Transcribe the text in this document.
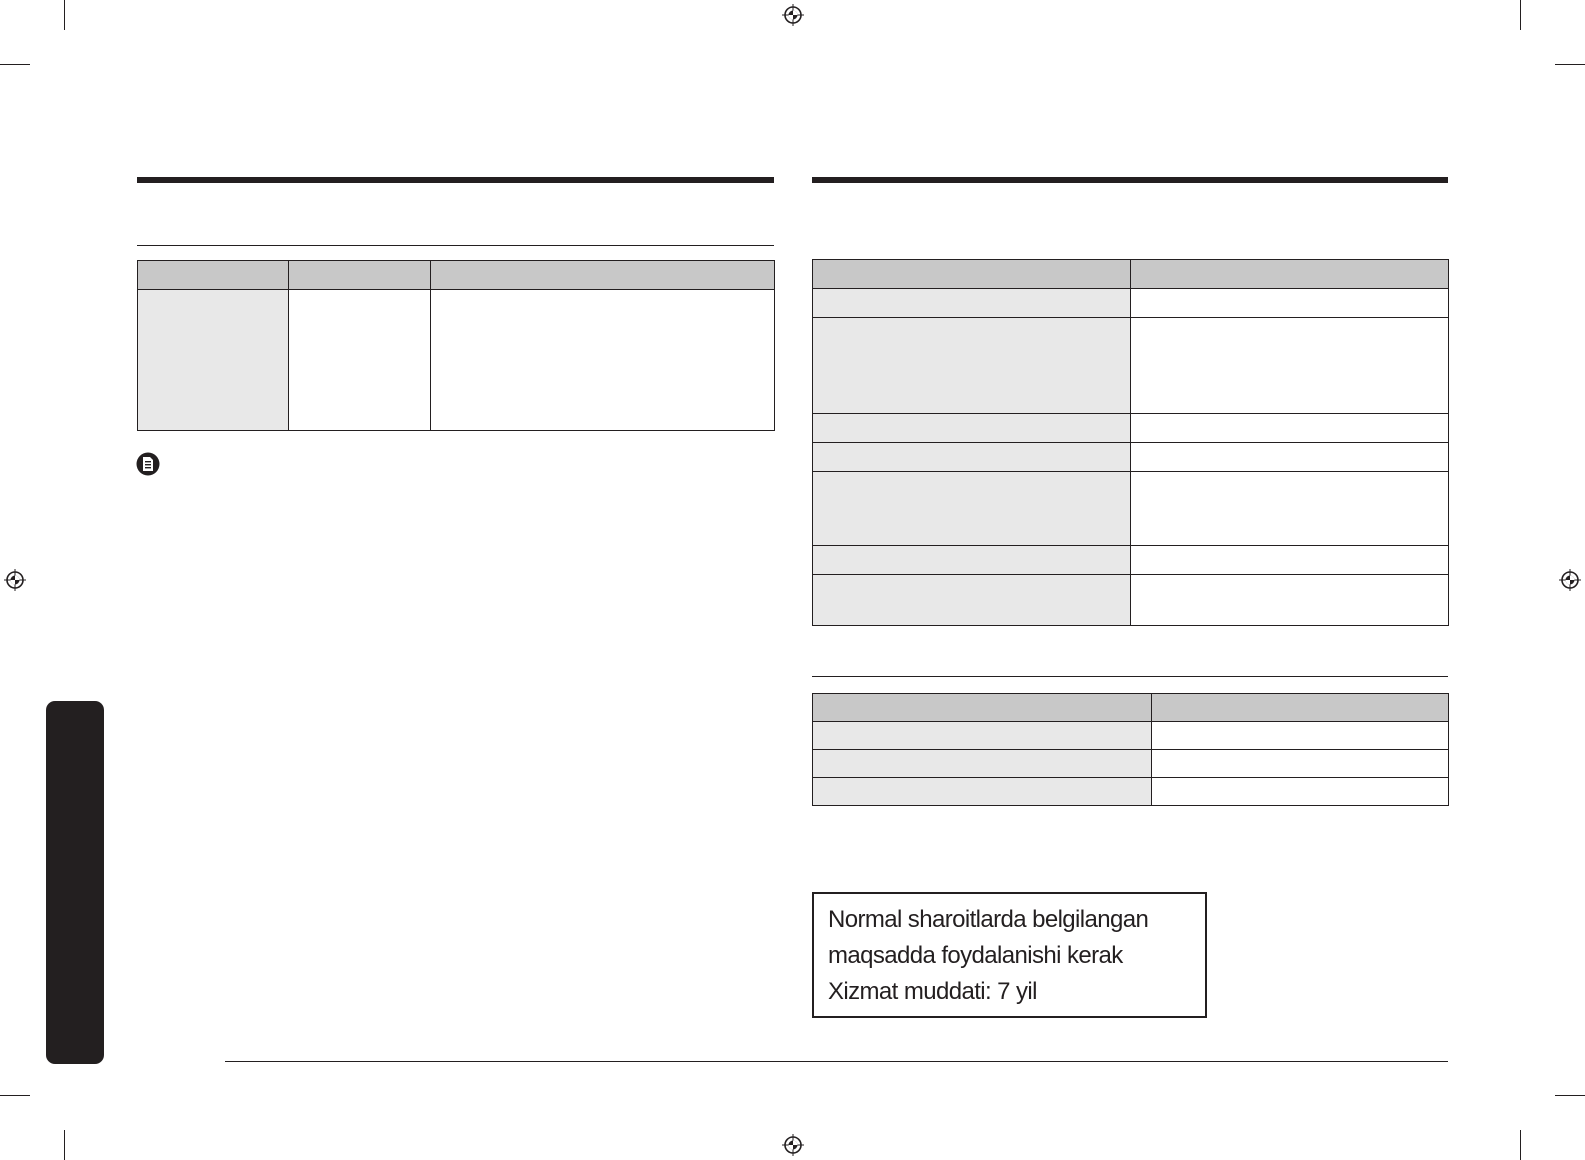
Normal sharoitlarda belgilangan
maqsadda foydalanishi kerak
Xizmat muddati: 7 yil
